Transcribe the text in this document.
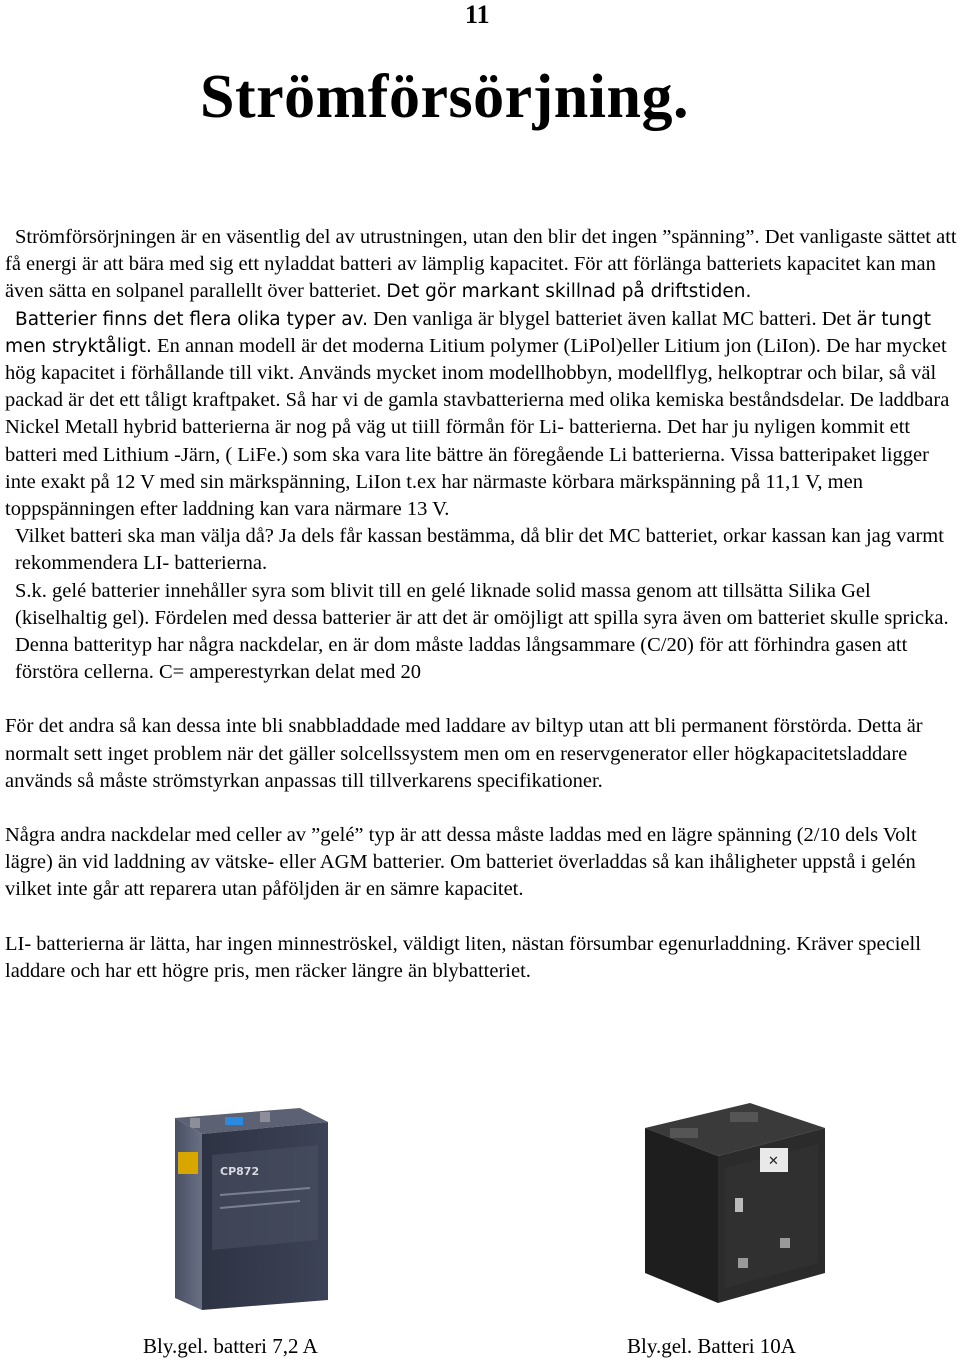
11
Strömförsörjning.

Strömförsörjningen är en väsentlig del av utrustningen, utan den blir det ingen ”spänning”. Det vanligaste sättet att få energi är att bära med sig ett nyladdat batteri av lämplig kapacitet. För att förlänga batteriets kapacitet kan man även sätta en solpanel parallellt över batteriet. Det gör markant skillnad på driftstiden.

Batterier finns det flera olika typer av. Den vanliga är blygel batteriet även kallat MC batteri. Det är tungt men stryktåligt. En annan modell är det moderna Litium polymer (LiPol)eller Litium jon (LiIon). De har mycket hög kapacitet i förhållande till vikt. Används mycket inom modellhobbyn, modellflyg, helkoptrar och bilar, så väl packad är det ett tåligt kraftpaket. Så har vi de gamla stavbatterierna med olika kemiska beståndsdelar. De laddbara Nickel Metall hybrid batterierna är nog på väg ut tiill förmån för Li- batterierna. Det har ju nyligen kommit ett batteri med Lithium -Järn, ( LiFe.) som ska vara lite bättre än föregående Li batterierna. Vissa batteripaket ligger inte exakt på 12 V med sin märkspänning, LiIon t.ex har närmaste körbara märkspänning på 11,1 V, men toppspänningen efter laddning kan vara närmare 13 V.

Vilket batteri ska man välja då? Ja dels får kassan bestämma, då blir det MC batteriet, orkar kassan kan jag varmt rekommendera LI- batterierna.

S.k. gelé batterier innehåller syra som blivit till en gelé liknade solid massa genom att tillsätta Silika Gel (kiselhaltig gel). Fördelen med dessa batterier är att det är omöjligt att spilla syra även om batteriet skulle spricka. Denna batterityp har några nackdelar, en är dom måste laddas långsammare (C/20) för att förhindra gasen att förstöra cellerna. C= amperestyrkan delat med 20

För det andra så kan dessa inte bli snabbladdade med laddare av biltyp utan att bli permanent förstörda. Detta är normalt sett inget problem när det gäller solcellssystem men om en reservgenerator eller högkapacitetsladdare används så måste strömstyrkan anpassas till tillverkarens specifikationer.

Några andra nackdelar med celler av ”gelé” typ är att dessa måste laddas med en lägre spänning (2/10 dels Volt lägre) än vid laddning av vätske- eller AGM batterier. Om batteriet överladdas så kan ihåligheter uppstå i gelén vilket inte går att reparera utan påföljden är en sämre kapacitet.

LI- batterierna är lätta, har ingen minneströskel, väldigt liten, nästan försumbar egenurladdning. Kräver speciell laddare och har ett högre pris, men räcker längre än blybatteriet.

CP872
✕
Bly.gel. batteri 7,2 A	Bly.gel. Batteri 10A
